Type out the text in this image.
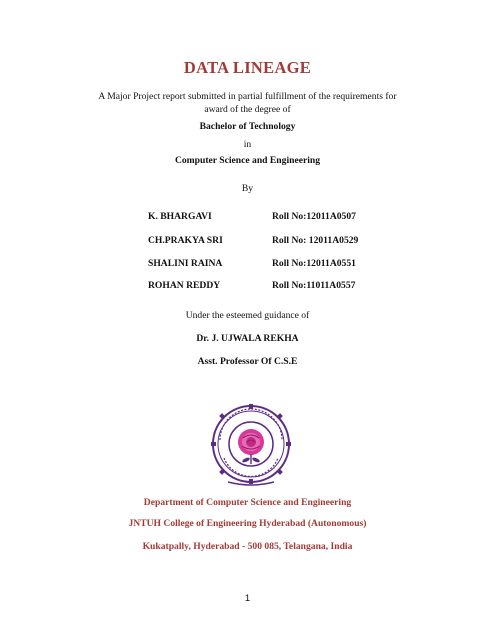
DATA LINEAGE
A Major Project report submitted in partial fulfillment of the requirements for
award of the degree of
Bachelor of Technology
in
Computer Science and Engineering
By
K. BHARGAVI	Roll No:12011A0507
CH.PRAKYA SRI	Roll No: 12011A0529
SHALINI RAINA	Roll No:12011A0551
ROHAN REDDY	Roll No:11011A0557
Under the esteemed guidance of
Dr. J. UJWALA REKHA
Asst. Professor Of C.S.E
Department of Computer Science and Engineering
JNTUH College of Engineering Hyderabad (Autonomous)
Kukatpally, Hyderabad - 500 085, Telangana, India
1
